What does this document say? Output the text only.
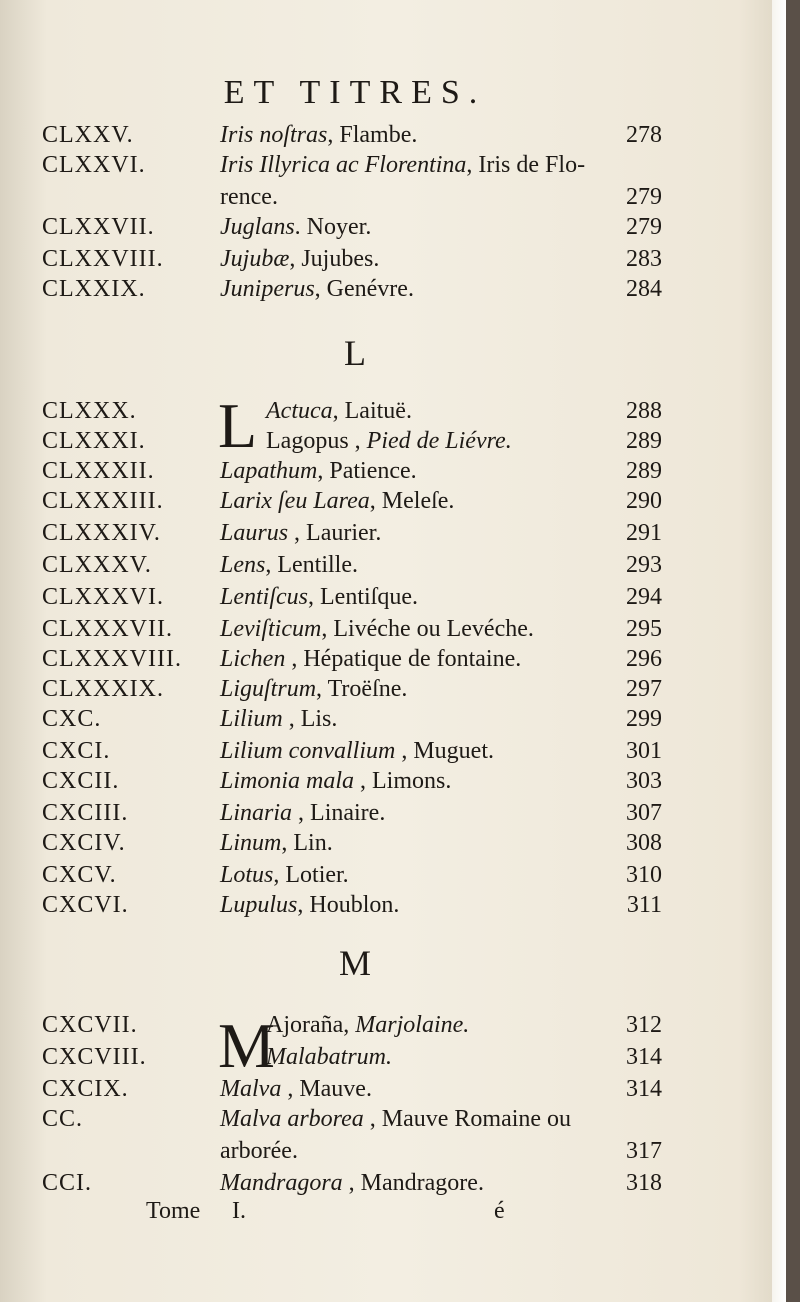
ET TITRES.
L
M
L
M
CLXXV.	Iris noſtras, Flambe.	278
CLXXVI.	Iris Illyrica ac Florentina, Iris de Flo-
rence.	279
CLXXVII.	Juglans. Noyer.	279
CLXXVIII. Jujubæ, Jujubes.	283
CLXXIX.	Juniperus, Genévre.	284
CLXXX.	Actuca, Laituë.	288
CLXXXI.	Lagopus , Pied de Liévre.	289
CLXXXII.	Lapathum, Patience.	289
CLXXXIII. Larix ſeu Larea, Meleſe.	290
CLXXXIV. Laurus , Laurier.	291
CLXXXV.	Lens, Lentille.	293
CLXXXVI. Lentiſcus, Lentiſque.	294
CLXXXVII. Leviſticum, Livéche ou Levéche.	295
CLXXXVIII. Lichen , Hépatique de fontaine.	296
CLXXXIX. Liguſtrum, Troëſne.	297
CXC.	Lilium , Lis.	299
CXCI.	Lilium convallium , Muguet.	301
CXCII.	Limonia mala , Limons.	303
CXCIII.	Linaria , Linaire.	307
CXCIV.	Linum, Lin.	308
CXCV.	Lotus, Lotier.	310
CXCVI.	Lupulus, Houblon.	311
CXCVII.	Ajoraña, Marjolaine.	312
CXCVIII.	Malabatrum.	314
CXCIX.	Malva , Mauve.	314
CC.	Malva arborea , Mauve Romaine ou
arborée.	317
CCI.	Mandragora , Mandragore.	318
Tome I.	é
